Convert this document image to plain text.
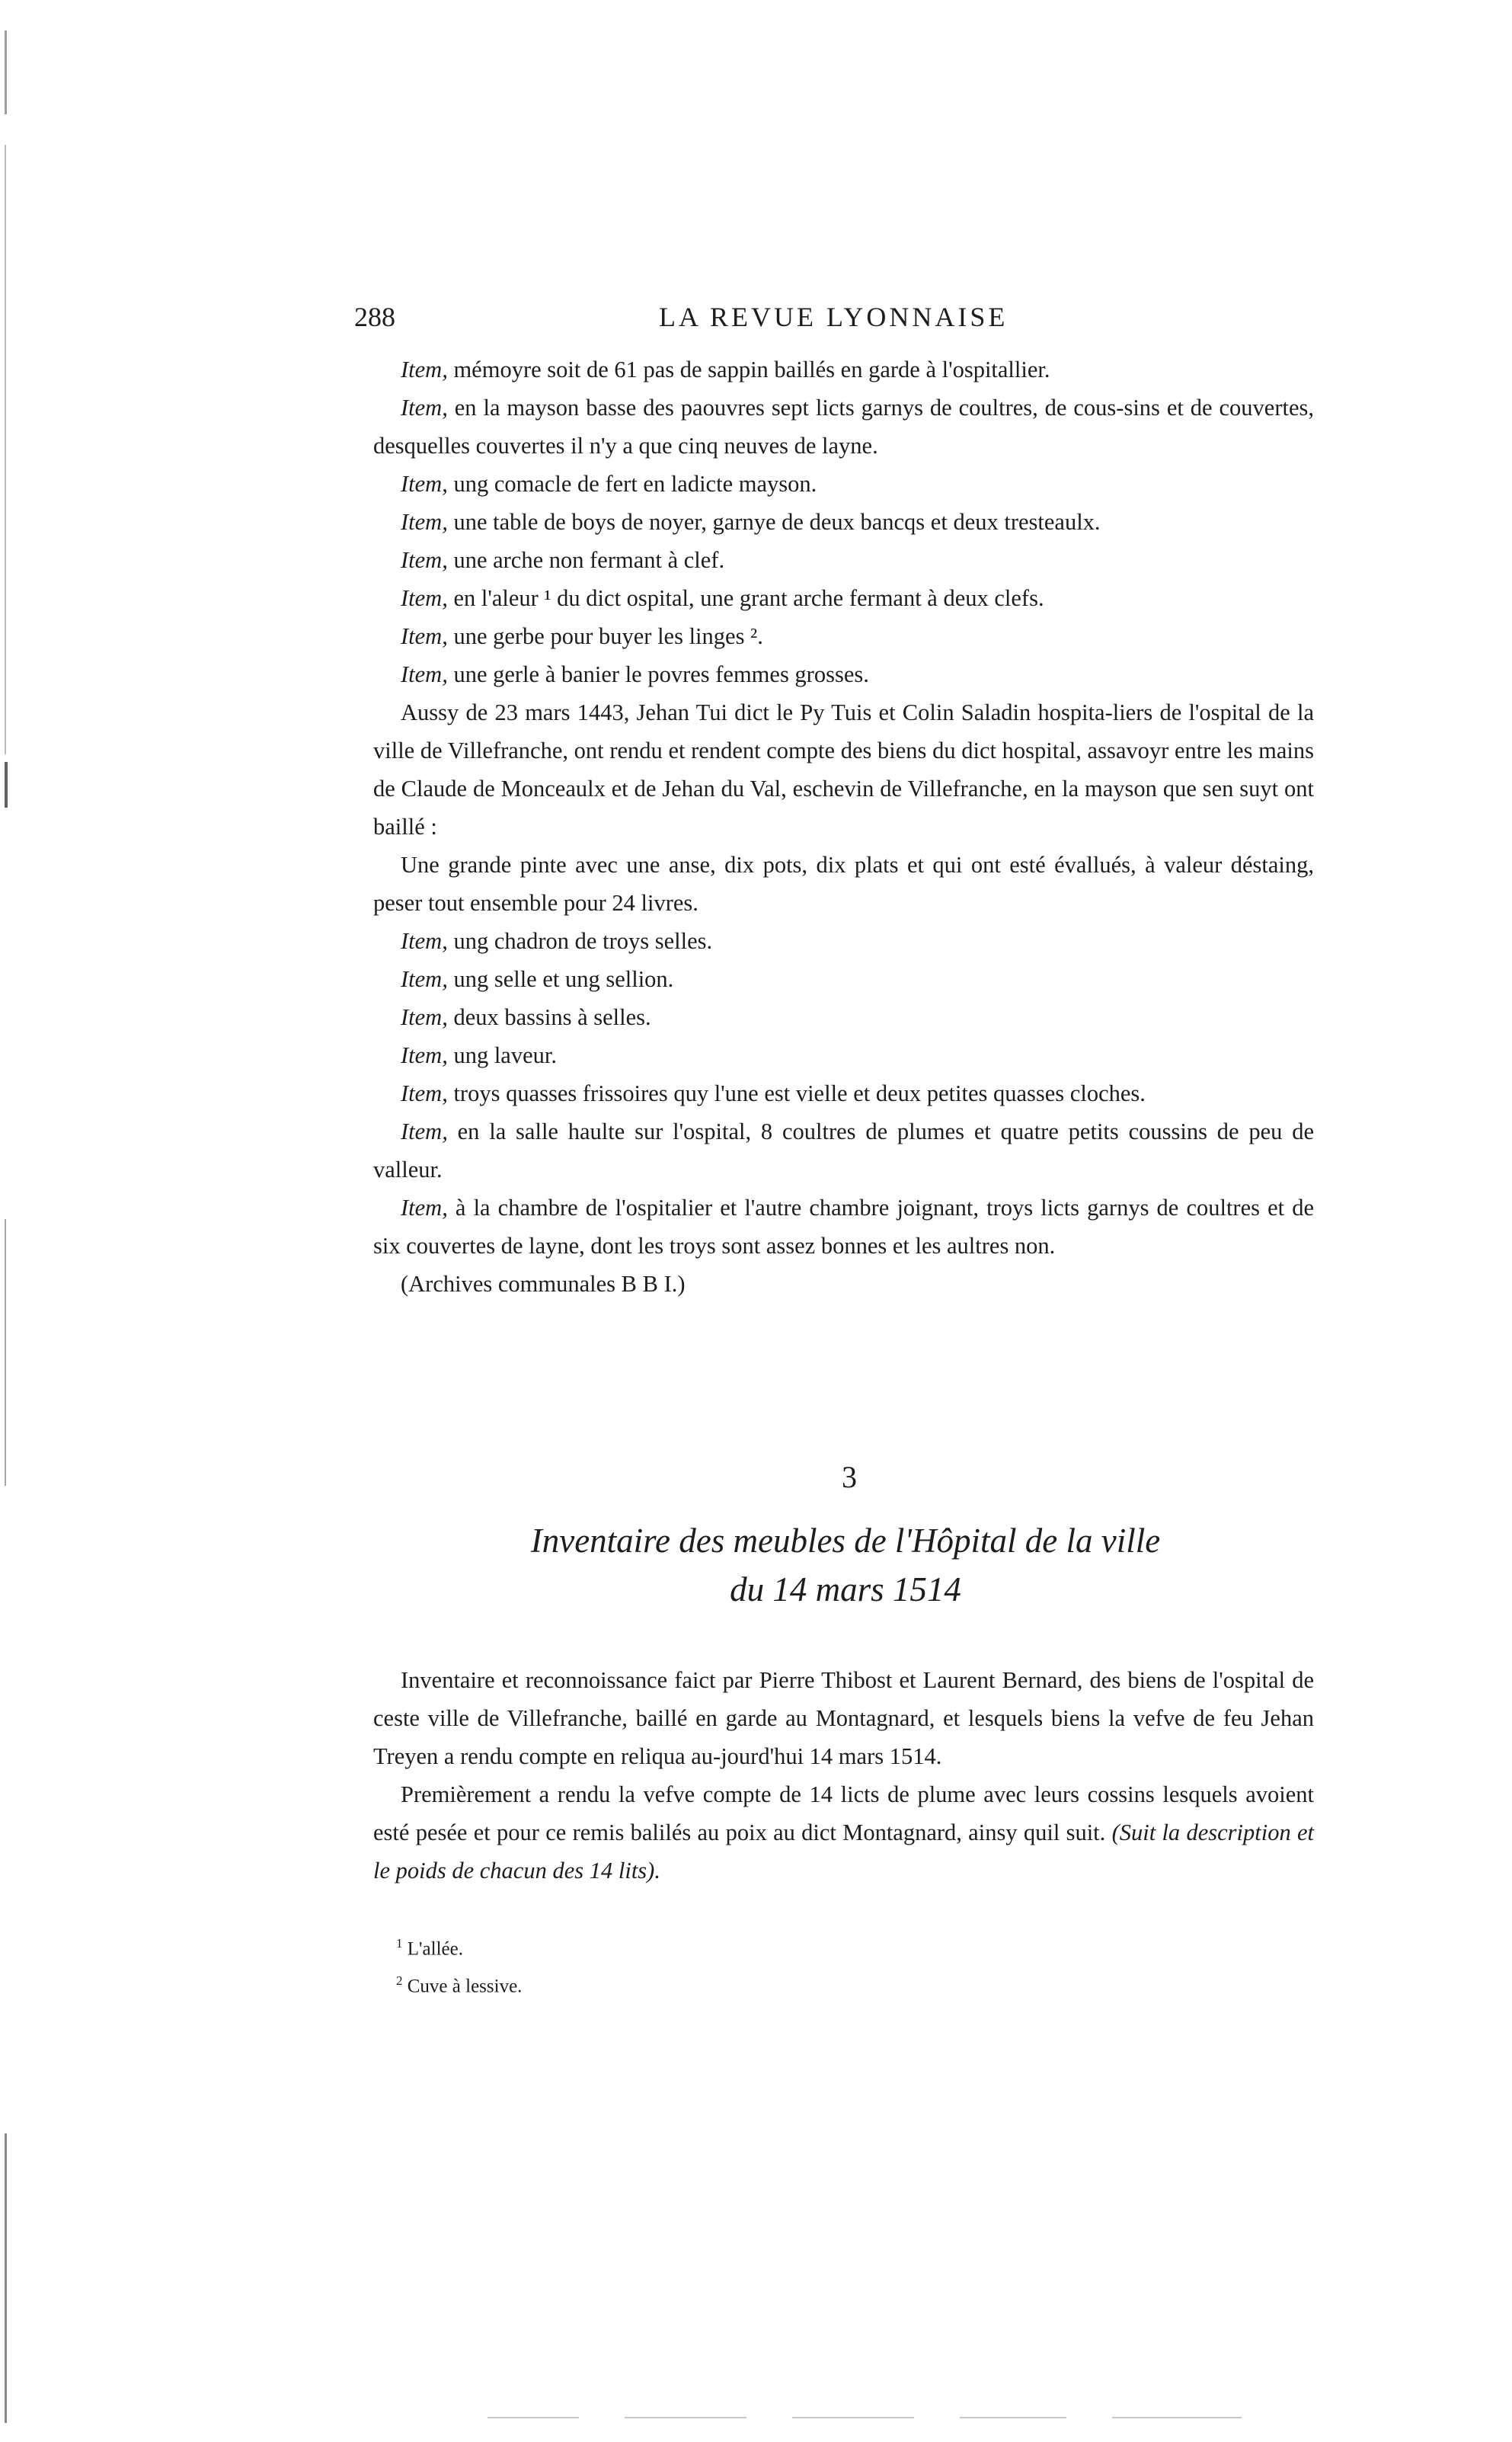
288	LA REVUE LYONNAISE

Item, mémoyre soit de 61 pas de sappin baillés en garde à l'ospitallier.

Item, en la mayson basse des paouvres sept licts garnys de coultres, de cous-sins et de couvertes, desquelles couvertes il n'y a que cinq neuves de layne.

Item, ung comacle de fert en ladicte mayson.

Item, une table de boys de noyer, garnye de deux bancqs et deux tresteaulx.

Item, une arche non fermant à clef.

Item, en l'aleur ¹ du dict ospital, une grant arche fermant à deux clefs.

Item, une gerbe pour buyer les linges ².

Item, une gerle à banier le povres femmes grosses.

Aussy de 23 mars 1443, Jehan Tui dict le Py Tuis et Colin Saladin hospita-liers de l'ospital de la ville de Villefranche, ont rendu et rendent compte des biens du dict hospital, assavoyr entre les mains de Claude de Monceaulx et de Jehan du Val, eschevin de Villefranche, en la mayson que sen suyt ont baillé :

Une grande pinte avec une anse, dix pots, dix plats et qui ont esté évallués, à valeur déstaing, peser tout ensemble pour 24 livres.

Item, ung chadron de troys selles.

Item, ung selle et ung sellion.

Item, deux bassins à selles.

Item, ung laveur.

Item, troys quasses frissoires quy l'une est vielle et deux petites quasses cloches.

Item, en la salle haulte sur l'ospital, 8 coultres de plumes et quatre petits coussins de peu de valleur.

Item, à la chambre de l'ospitalier et l'autre chambre joignant, troys licts garnys de coultres et de six couvertes de layne, dont les troys sont assez bonnes et les aultres non.

(Archives communales B B I.)

3
Inventaire des meubles de l'Hôpital de la ville
du 14 mars 1514

Inventaire et reconnoissance faict par Pierre Thibost et Laurent Bernard, des biens de l'ospital de ceste ville de Villefranche, baillé en garde au Montagnard, et lesquels biens la vefve de feu Jehan Treyen a rendu compte en reliqua au-jourd'hui 14 mars 1514.

Premièrement a rendu la vefve compte de 14 licts de plume avec leurs cossins lesquels avoient esté pesée et pour ce remis balilés au poix au dict Montagnard, ainsy quil suit. (Suit la description et le poids de chacun des 14 lits).

$^1$ L'allée.
$^2$ Cuve à lessive.
